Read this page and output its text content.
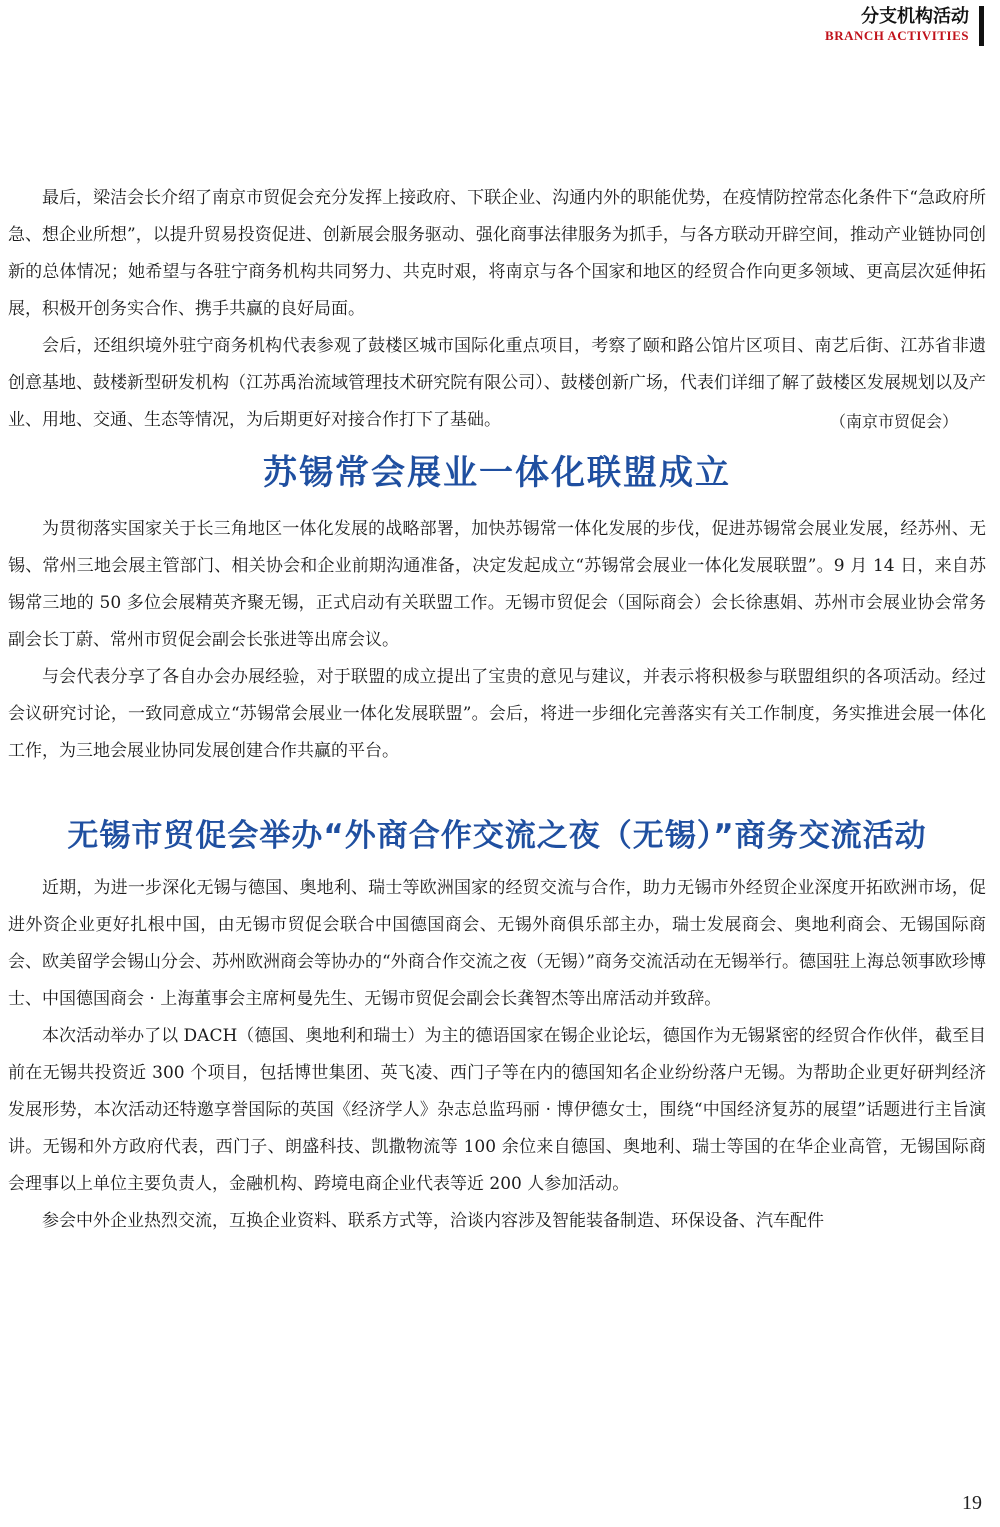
分支机构活动
BRANCH ACTIVITIES

最后，梁洁会长介绍了南京市贸促会充分发挥上接政府、下联企业、沟通内外的职能优势，在疫情防控常态化条件下“急政府所急、想企业所想”，以提升贸易投资促进、创新展会服务驱动、强化商事法律服务为抓手，与各方联动开辟空间，推动产业链协同创新的总体情况；她希望与各驻宁商务机构共同努力、共克时艰，将南京与各个国家和地区的经贸合作向更多领域、更高层次延伸拓展，积极开创务实合作、携手共赢的良好局面。

会后，还组织境外驻宁商务机构代表参观了鼓楼区城市国际化重点项目，考察了颐和路公馆片区项目、南艺后街、江苏省非遗创意基地、鼓楼新型研发机构（江苏禹治流域管理技术研究院有限公司）、鼓楼创新广场，代表们详细了解了鼓楼区发展规划以及产业、用地、交通、生态等情况，为后期更好对接合作打下了基础。	（南京市贸促会）

苏锡常会展业一体化联盟成立

为贯彻落实国家关于长三角地区一体化发展的战略部署，加快苏锡常一体化发展的步伐，促进苏锡常会展业发展，经苏州、无锡、常州三地会展主管部门、相关协会和企业前期沟通准备，决定发起成立“苏锡常会展业一体化发展联盟”。9 月 14 日，来自苏锡常三地的 50 多位会展精英齐聚无锡，正式启动有关联盟工作。无锡市贸促会（国际商会）会长徐惠娟、苏州市会展业协会常务副会长丁蔚、常州市贸促会副会长张进等出席会议。

与会代表分享了各自办会办展经验，对于联盟的成立提出了宝贵的意见与建议，并表示将积极参与联盟组织的各项活动。经过会议研究讨论，一致同意成立“苏锡常会展业一体化发展联盟”。会后，将进一步细化完善落实有关工作制度，务实推进会展一体化工作，为三地会展业协同发展创建合作共赢的平台。

无锡市贸促会举办“外商合作交流之夜（无锡）”商务交流活动

近期，为进一步深化无锡与德国、奥地利、瑞士等欧洲国家的经贸交流与合作，助力无锡市外经贸企业深度开拓欧洲市场，促进外资企业更好扎根中国，由无锡市贸促会联合中国德国商会、无锡外商俱乐部主办，瑞士发展商会、奥地利商会、无锡国际商会、欧美留学会锡山分会、苏州欧洲商会等协办的“外商合作交流之夜（无锡）”商务交流活动在无锡举行。德国驻上海总领事欧珍博士、中国德国商会 · 上海董事会主席柯曼先生、无锡市贸促会副会长龚智杰等出席活动并致辞。

本次活动举办了以 DACH（德国、奥地利和瑞士）为主的德语国家在锡企业论坛，德国作为无锡紧密的经贸合作伙伴，截至目前在无锡共投资近 300 个项目，包括博世集团、英飞凌、西门子等在内的德国知名企业纷纷落户无锡。为帮助企业更好研判经济发展形势，本次活动还特邀享誉国际的英国《经济学人》杂志总监玛丽 · 博伊德女士，围绕“中国经济复苏的展望”话题进行主旨演讲。无锡和外方政府代表，西门子、朗盛科技、凯撒物流等 100 余位来自德国、奥地利、瑞士等国的在华企业高管，无锡国际商会理事以上单位主要负责人，金融机构、跨境电商企业代表等近 200 人参加活动。

参会中外企业热烈交流，互换企业资料、联系方式等，洽谈内容涉及智能装备制造、环保设备、汽车配件

19
